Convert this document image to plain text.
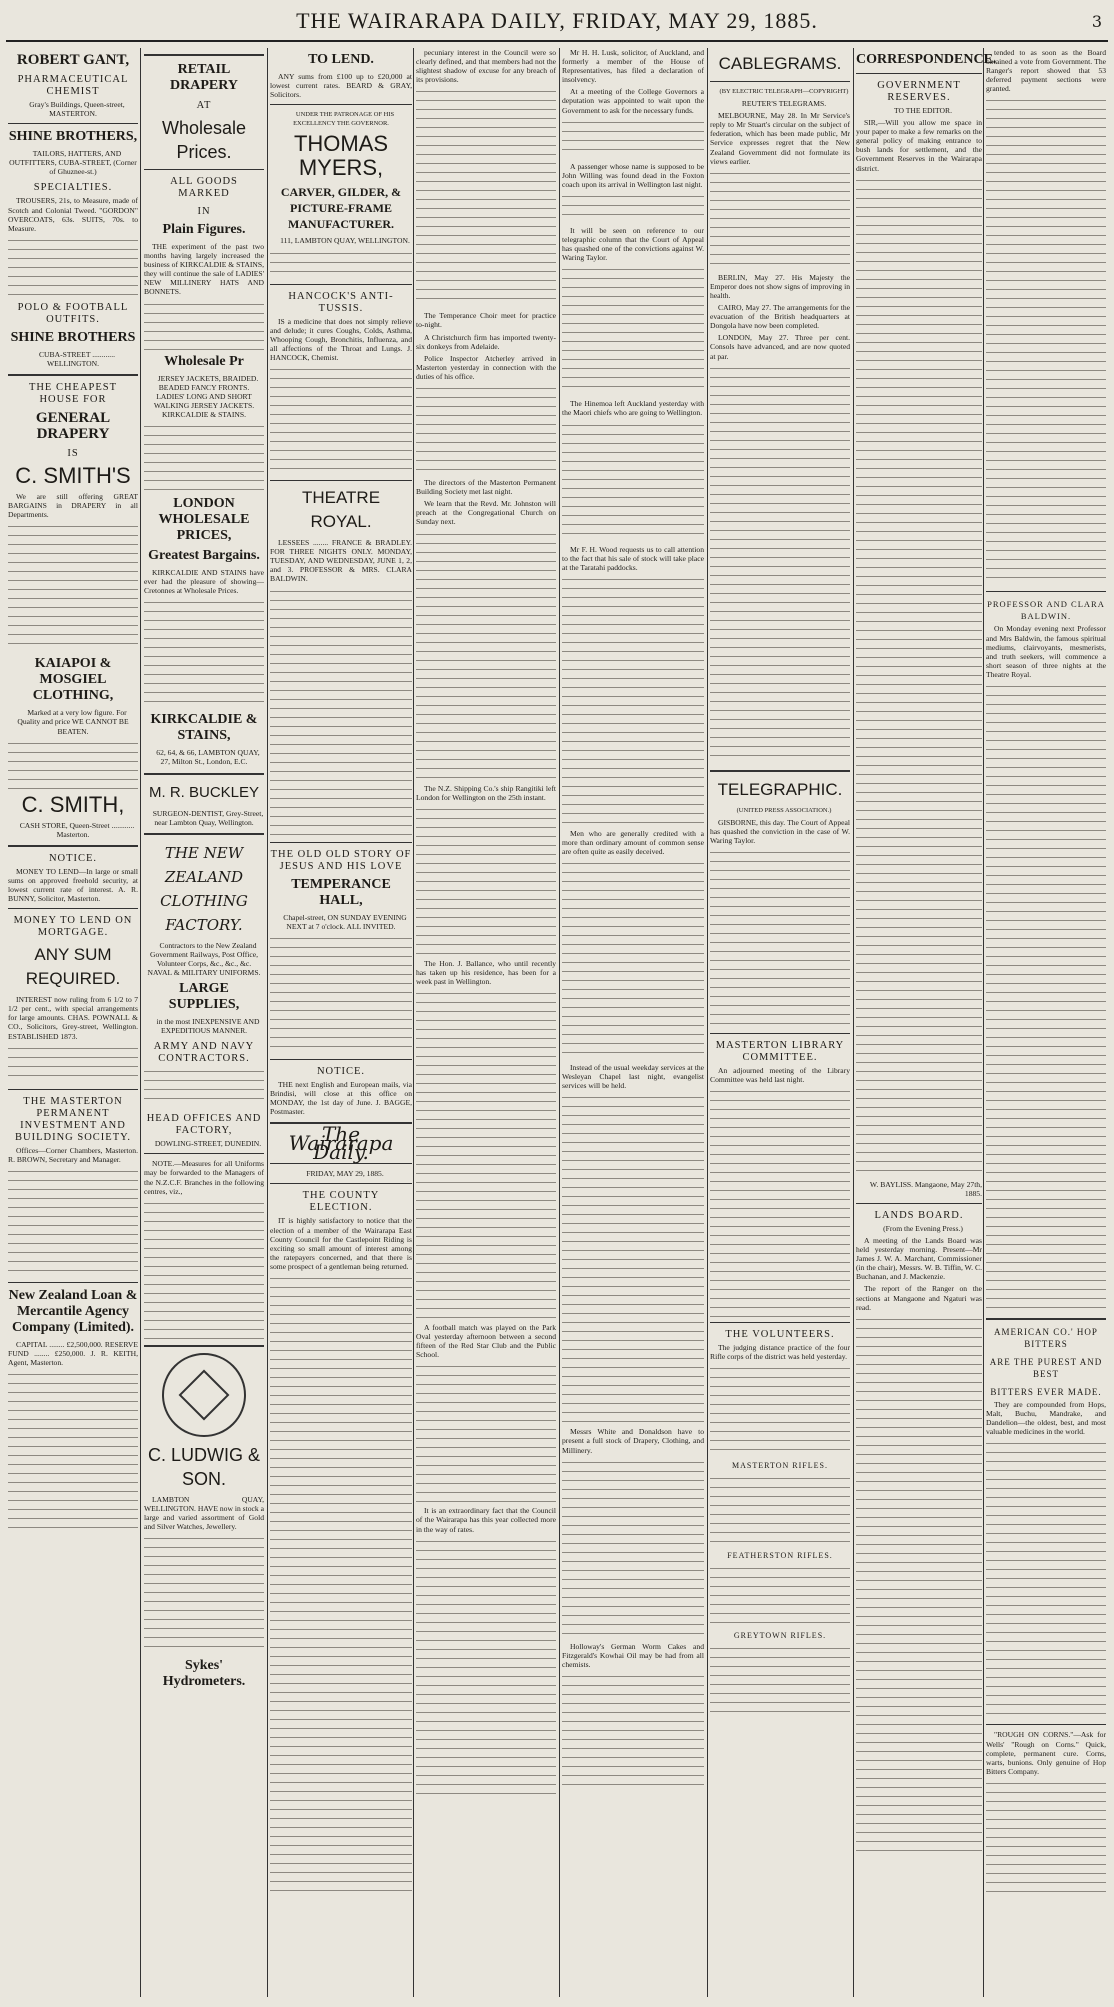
THE WAIRARAPA DAILY, FRIDAY, MAY 29, 1885.	3
ROBERT GANT,
PHARMACEUTICAL CHEMIST

Gray's Buildings, Queen-street, MASTERTON.

SHINE BROTHERS,

TAILORS, HATTERS, AND OUTFITTERS, CUBA-STREET, (Corner of Ghuznee-st.)

SPECIALTIES.

TROUSERS, 21s, to Measure, made of Scotch and Colonial Tweed. "GORDON" OVERCOATS, 63s. SUITS, 70s. to Measure.

POLO & FOOTBALL OUTFITS.
SHINE BROTHERS

CUBA-STREET ............ WELLINGTON.

THE CHEAPEST HOUSE FOR
GENERAL DRAPERY
IS
C. SMITH'S

We are still offering GREAT BARGAINS in DRAPERY in all Departments.

KAIAPOI & MOSGIEL CLOTHING,

Marked at a very low figure. For Quality and price WE CANNOT BE BEATEN.

C. SMITH,

CASH STORE, Queen-Street ............ Masterton.

NOTICE.

MONEY TO LEND—In large or small sums on approved freehold security, at lowest current rate of interest. A. R. BUNNY, Solicitor, Masterton.

MONEY TO LEND ON MORTGAGE.
ANY SUM REQUIRED.

INTEREST now ruling from 6 1/2 to 7 1/2 per cent., with special arrangements for large amounts. CHAS. POWNALL & CO., Solicitors, Grey-street, Wellington. ESTABLISHED 1873.

THE MASTERTON PERMANENT INVESTMENT AND BUILDING SOCIETY.

Offices—Corner Chambers, Masterton. R. BROWN, Secretary and Manager.

New Zealand Loan & Mercantile Agency Company (Limited).

CAPITAL ........ £2,500,000. RESERVE FUND ........ £250,000. J. R. KEITH, Agent, Masterton.

RETAIL DRAPERY
AT
Wholesale Prices.
ALL GOODS MARKED
IN
Plain Figures.

THE experiment of the past two months having largely increased the business of KIRKCALDIE & STAINS, they will continue the sale of LADIES' NEW MILLINERY HATS AND BONNETS.

Wholesale Pr

JERSEY JACKETS, BRAIDED. BEADED FANCY FRONTS. LADIES' LONG AND SHORT WALKING JERSEY JACKETS. KIRKCALDIE & STAINS.

LONDON WHOLESALE PRICES,
Greatest Bargains.

KIRKCALDIE AND STAINS have ever had the pleasure of showing—Cretonnes at Wholesale Prices.

KIRKCALDIE & STAINS,

62, 64, & 66, LAMBTON QUAY, 27, Milton St., London, E.C.

M. R. BUCKLEY

SURGEON-DENTIST, Grey-Street, near Lambton Quay, Wellington.

THE NEW ZEALAND CLOTHING FACTORY.

Contractors to the New Zealand Government Railways, Post Office, Volunteer Corps, &c., &c., &c. NAVAL & MILITARY UNIFORMS.

LARGE SUPPLIES,

in the most INEXPENSIVE AND EXPEDITIOUS MANNER.

ARMY AND NAVY CONTRACTORS.
HEAD OFFICES AND FACTORY,

DOWLING-STREET, DUNEDIN.

NOTE.—Measures for all Uniforms may be forwarded to the Managers of the N.Z.C.F. Branches in the following centres, viz.,

C. LUDWIG & SON.

LAMBTON QUAY, WELLINGTON. HAVE now in stock a large and varied assortment of Gold and Silver Watches, Jewellery.

Sykes' Hydrometers.
TO LEND.

ANY sums from £100 up to £20,000 at lowest current rates. BEARD & GRAY, Solicitors.

UNDER THE PATRONAGE OF HIS EXCELLENCY THE GOVERNOR.

THOMAS MYERS,
CARVER, GILDER, & PICTURE-FRAME MANUFACTURER.

111, LAMBTON QUAY, WELLINGTON.

HANCOCK'S ANTI-TUSSIS.

IS a medicine that does not simply relieve and delude; it cures Coughs, Colds, Asthma, Whooping Cough, Bronchitis, Influenza, and all affections of the Throat and Lungs. J. HANCOCK, Chemist.

THEATRE ROYAL.

LESSEES ........ FRANCE & BRADLEY. FOR THREE NIGHTS ONLY. MONDAY, TUESDAY, AND WEDNESDAY, JUNE 1, 2, and 3. PROFESSOR & MRS. CLARA BALDWIN.

THE OLD OLD STORY OF JESUS AND HIS LOVE
TEMPERANCE HALL,

Chapel-street, ON SUNDAY EVENING NEXT at 7 o'clock. ALL INVITED.

NOTICE.

THE next English and European mails, via Brindisi, will close at this office on MONDAY, the 1st day of June. J. BAGGE, Postmaster.

The Wairarapa Daily.

FRIDAY, MAY 29, 1885.

THE COUNTY ELECTION.

IT is highly satisfactory to notice that the election of a member of the Wairarapa East County Council for the Castlepoint Riding is exciting so small amount of interest among the ratepayers concerned, and that there is some prospect of a gentleman being returned.

pecuniary interest in the Council were so clearly defined, and that members had not the slightest shadow of excuse for any breach of its provisions.

The Temperance Choir meet for practice to-night.

A Christchurch firm has imported twenty-six donkeys from Adelaide.

Police Inspector Atcherley arrived in Masterton yesterday in connection with the duties of his office.

The directors of the Masterton Permanent Building Society met last night.

We learn that the Revd. Mr. Johnston will preach at the Congregational Church on Sunday next.

The N.Z. Shipping Co.'s ship Rangitiki left London for Wellington on the 25th instant.

The Hon. J. Ballance, who until recently has taken up his residence, has been for a week past in Wellington.

A football match was played on the Park Oval yesterday afternoon between a second fifteen of the Red Star Club and the Public School.

It is an extraordinary fact that the Council of the Wairarapa has this year collected more in the way of rates.

Mr H. H. Lusk, solicitor, of Auckland, and formerly a member of the House of Representatives, has filed a declaration of insolvency.

At a meeting of the College Governors a deputation was appointed to wait upon the Government to ask for the necessary funds.

A passenger whose name is supposed to be John Willing was found dead in the Foxton coach upon its arrival in Wellington last night.

It will be seen on reference to our telegraphic column that the Court of Appeal has quashed one of the convictions against W. Waring Taylor.

The Hinemoa left Auckland yesterday with the Maori chiefs who are going to Wellington.

Mr F. H. Wood requests us to call attention to the fact that his sale of stock will take place at the Taratahi paddocks.

Men who are generally credited with a more than ordinary amount of common sense are often quite as easily deceived.

Instead of the usual weekday services at the Wesleyan Chapel last night, evangelist services will be held.

Messrs White and Donaldson have to present a full stock of Drapery, Clothing, and Millinery.

Holloway's German Worm Cakes and Fitzgerald's Kowhai Oil may be had from all chemists.

CABLEGRAMS.

(BY ELECTRIC TELEGRAPH—COPYRIGHT)

REUTER'S TELEGRAMS.

MELBOURNE, May 28. In Mr Service's reply to Mr Stuart's circular on the subject of federation, which has been made public, Mr Service expresses regret that the New Zealand Government did not formulate its views earlier.

BERLIN, May 27. His Majesty the Emperor does not show signs of improving in health.

CAIRO, May 27. The arrangements for the evacuation of the British headquarters at Dongola have now been completed.

LONDON, May 27. Three per cent. Consols have advanced, and are now quoted at par.

TELEGRAPHIC.

(UNITED PRESS ASSOCIATION.)

GISBORNE, this day. The Court of Appeal has quashed the conviction in the case of W. Waring Taylor.

MASTERTON LIBRARY COMMITTEE.

An adjourned meeting of the Library Committee was held last night.

THE VOLUNTEERS.

The judging distance practice of the four Rifle corps of the district was held yesterday.

MASTERTON RIFLES.
FEATHERSTON RIFLES.
GREYTOWN RIFLES.
CORRESPONDENCE.
GOVERNMENT RESERVES.

TO THE EDITOR.

SIR,—Will you allow me space in your paper to make a few remarks on the general policy of making entrance to bush lands for settlement, and the Government Reserves in the Wairarapa district.

W. BAYLISS. Mangaone, May 27th, 1885.

LANDS BOARD.

(From the Evening Press.)

A meeting of the Lands Board was held yesterday morning. Present—Mr James J. W. A. Marchant, Commissioner (in the chair), Messrs. W. B. Tiffin, W. C. Buchanan, and J. Mackenzie.

The report of the Ranger on the sections at Mangaone and Ngaturi was read.

tended to as soon as the Board obtained a vote from Government. The Ranger's report showed that 53 deferred payment sections were granted.

PROFESSOR AND CLARA BALDWIN.

On Monday evening next Professor and Mrs Baldwin, the famous spiritual mediums, clairvoyants, mesmerists, and truth seekers, will commence a short season of three nights at the Theatre Royal.

AMERICAN CO.' HOP BITTERS
ARE THE PUREST AND BEST
BITTERS EVER MADE.

They are compounded from Hops, Malt, Buchu, Mandrake, and Dandelion—the oldest, best, and most valuable medicines in the world.

"ROUGH ON CORNS."—Ask for Wells' "Rough on Corns." Quick, complete, permanent cure. Corns, warts, bunions. Only genuine of Hop Bitters Company.
